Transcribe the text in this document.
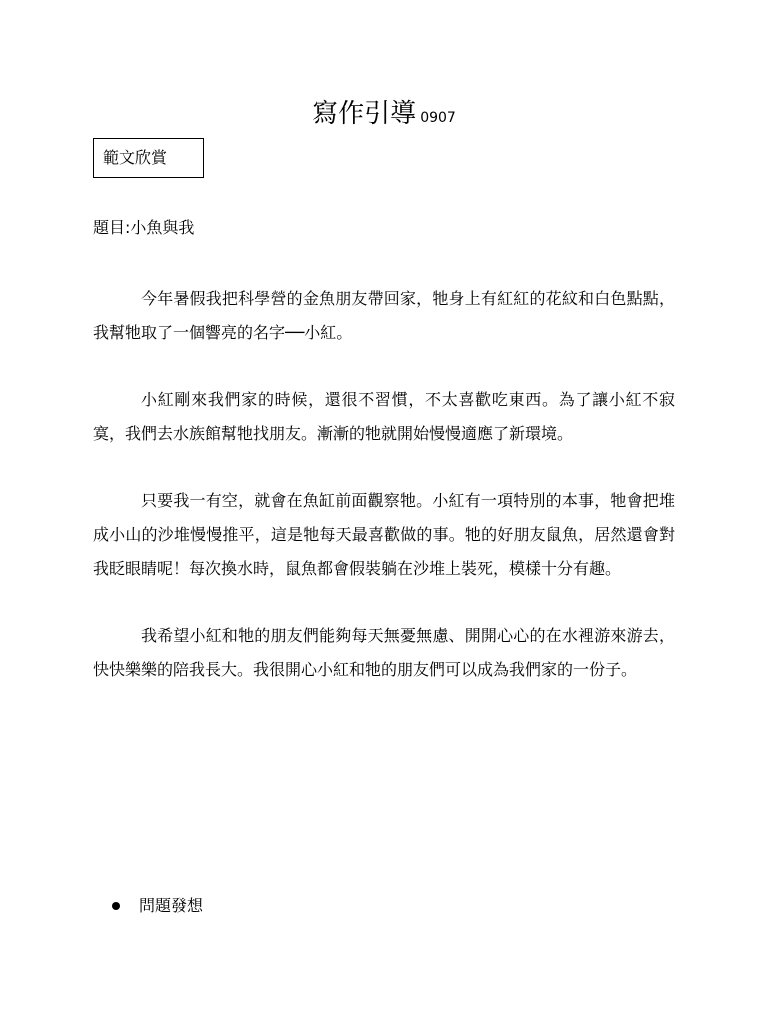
寫作引導 0907
範文欣賞
題目:小魚與我

今年暑假我把科學營的金魚朋友帶回家，牠身上有紅紅的花紋和白色點點，我幫牠取了一個響亮的名字──小紅。

小紅剛來我們家的時候，還很不習慣，不太喜歡吃東西。為了讓小紅不寂寞，我們去水族館幫牠找朋友。漸漸的牠就開始慢慢適應了新環境。

只要我一有空，就會在魚缸前面觀察牠。小紅有一項特別的本事，牠會把堆成小山的沙堆慢慢推平，這是牠每天最喜歡做的事。牠的好朋友鼠魚，居然還會對我眨眼睛呢！每次換水時，鼠魚都會假裝躺在沙堆上裝死，模樣十分有趣。

我希望小紅和牠的朋友們能夠每天無憂無慮、開開心心的在水裡游來游去，快快樂樂的陪我長大。我很開心小紅和牠的朋友們可以成為我們家的一份子。

問題發想
